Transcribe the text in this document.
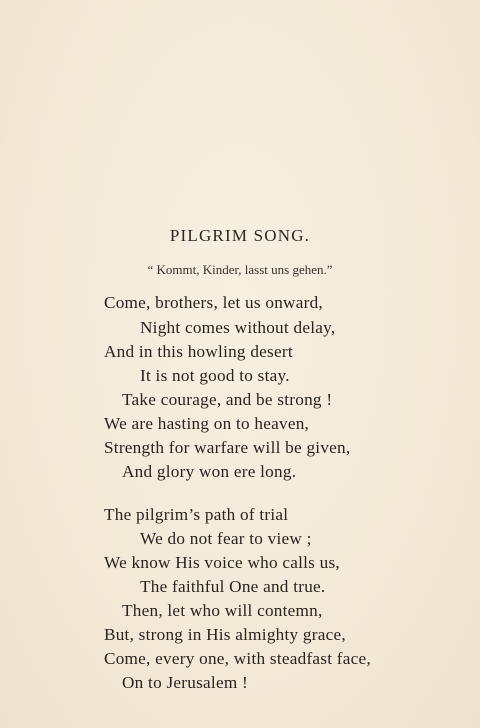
PILGRIM SONG.
“ Kommt, Kinder, lasst uns gehen.”
Come, brothers, let us onward,
Night comes without delay,
And in this howling desert
It is not good to stay.
Take courage, and be strong !
We are hasting on to heaven,
Strength for warfare will be given,
And glory won ere long.
The pilgrim’s path of trial
We do not fear to view ;
We know His voice who calls us,
The faithful One and true.
Then, let who will contemn,
But, strong in His almighty grace,
Come, every one, with steadfast face,
On to Jerusalem !
